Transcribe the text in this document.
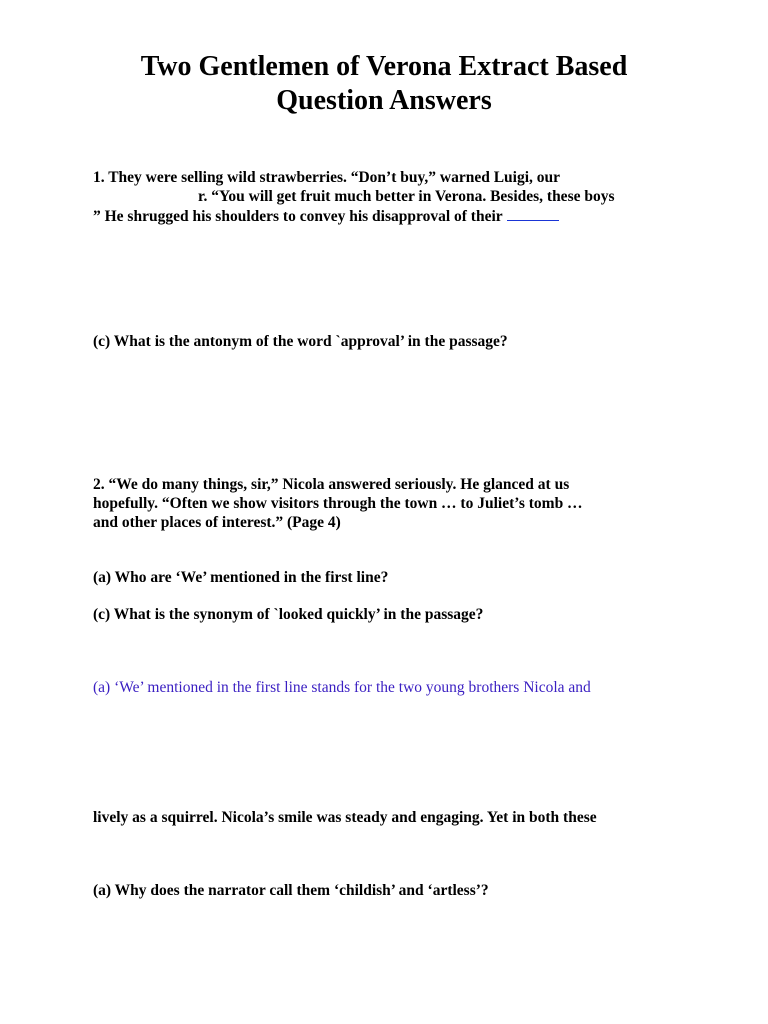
Two Gentlemen of Verona Extract Based
Question Answers

1. They were selling wild strawberries. “Don’t buy,” warned Luigi, our

r. “You will get fruit much better in Verona. Besides, these boys

” He shrugged his shoulders to convey his disapproval of their

(c) What is the antonym of the word `approval’ in the passage?

2. “We do many things, sir,” Nicola answered seriously. He glanced at us

hopefully. “Often we show visitors through the town … to Juliet’s tomb …

and other places of interest.” (Page 4)

(a) Who are ‘We’ mentioned in the first line?

(c) What is the synonym of `looked quickly’ in the passage?

(a) ‘We’ mentioned in the first line stands for the two young brothers Nicola and

lively as a squirrel. Nicola’s smile was steady and engaging. Yet in both these

(a) Why does the narrator call them ‘childish’ and ‘artless’?
